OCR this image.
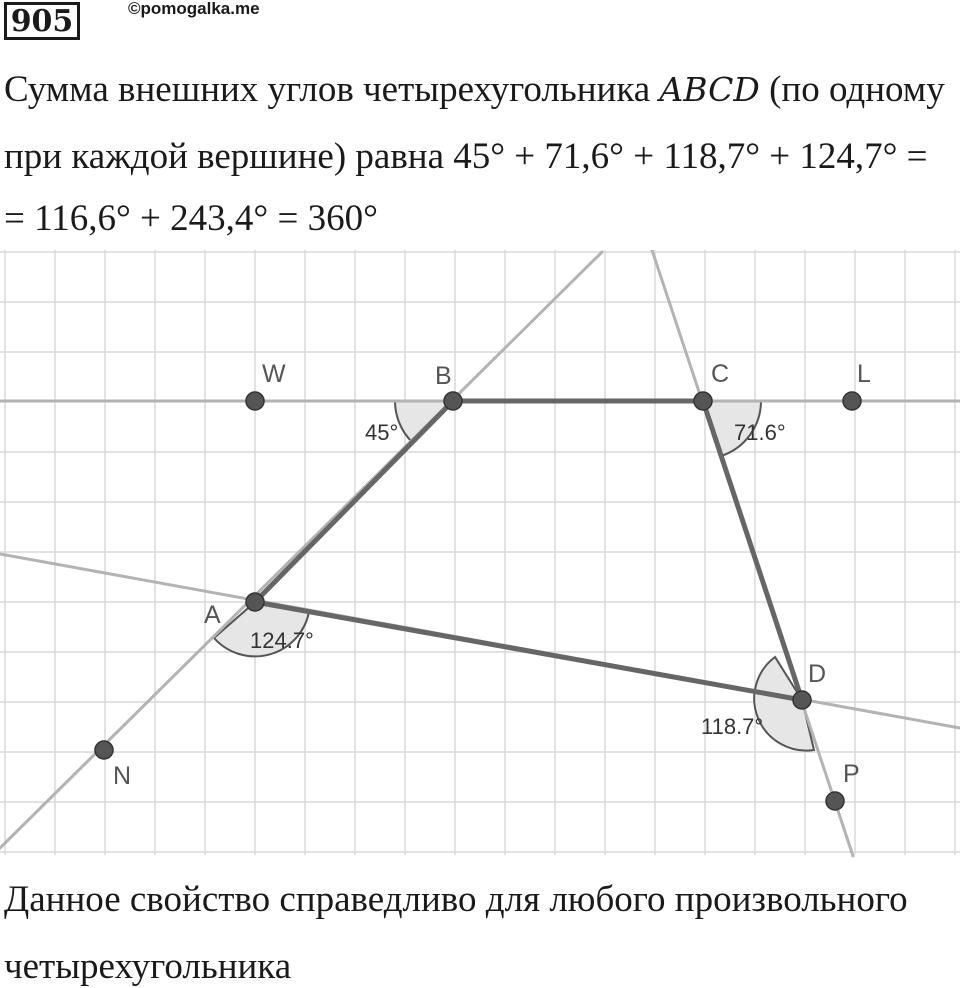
905	©pomogalka.me

Сумма внешних углов четырехугольника ABCD (по одному

при каждой вершине) равна 45° + 71,6° + 118,7° + 124,7° =

= 116,6° + 243,4° = 360°

W	B	C	L
A
D
N	P
45°	71.6°
124.7°
118.7°

Данное свойство справедливо для любого произвольного

четырехугольника
